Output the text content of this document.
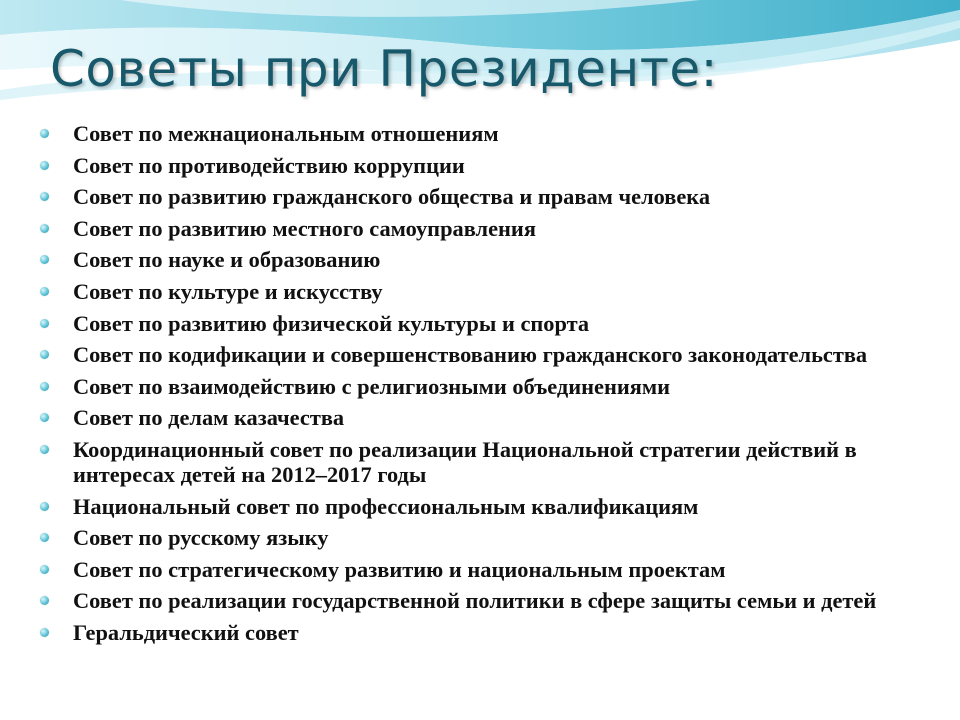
Советы при Президенте:
Совет по межнациональным отношениям
Совет по противодействию коррупции
Совет по развитию гражданского общества и правам человека
Совет по развитию местного самоуправления
Совет по науке и образованию
Совет по культуре и искусству
Совет по развитию физической культуры и спорта
Совет по кодификации и совершенствованию гражданского законодательства
Совет по взаимодействию с религиозными объединениями
Совет по делам казачества
Координационный совет по реализации Национальной стратегии действий в интересах детей на 2012–2017 годы
Национальный совет по профессиональным квалификациям
Совет по русскому языку
Совет по стратегическому развитию и национальным проектам
Совет по реализации государственной политики в сфере защиты семьи и детей
Геральдический совет
